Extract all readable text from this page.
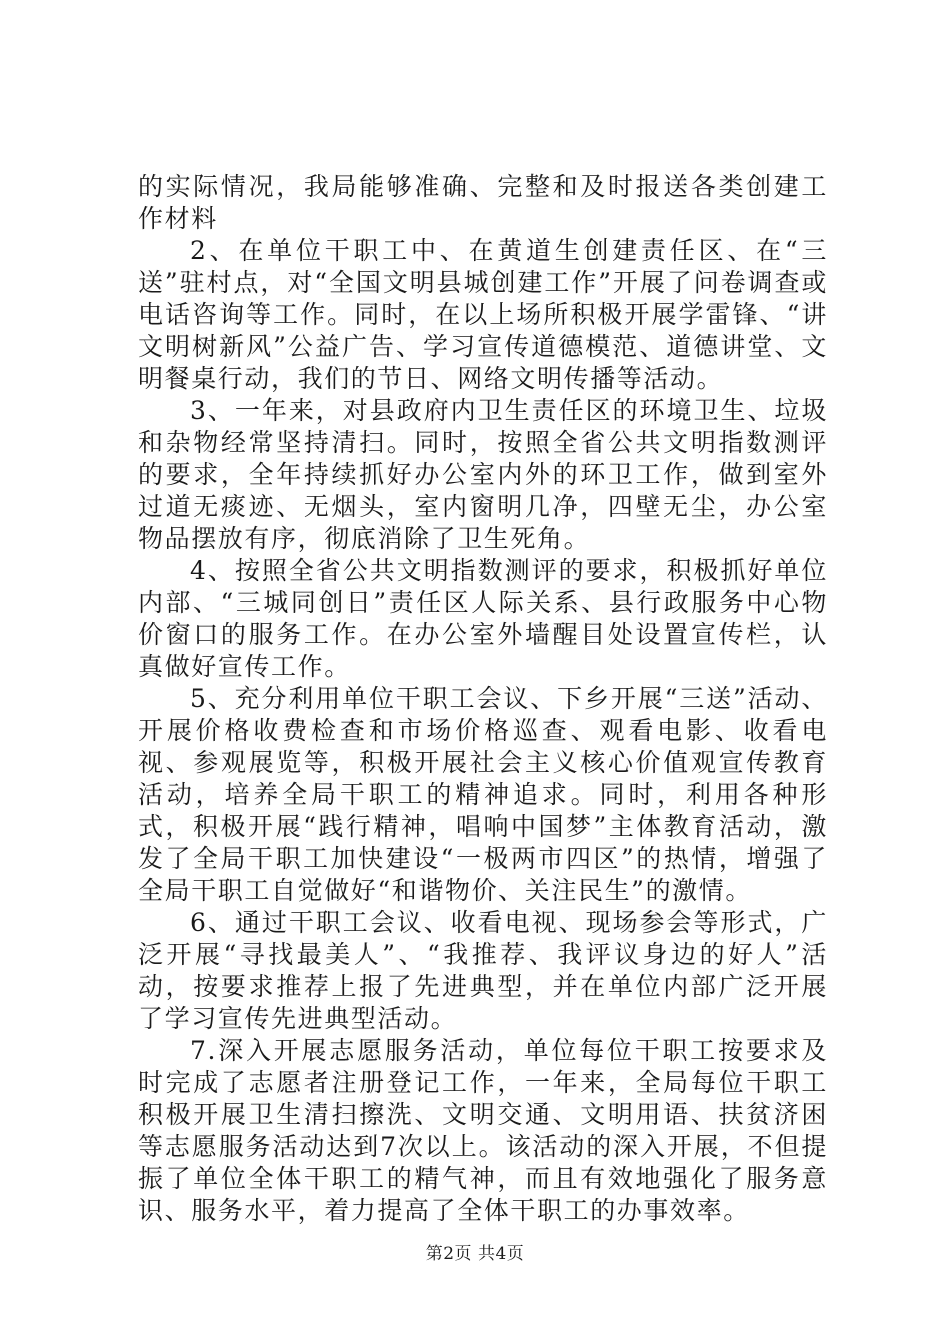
的实际情况，我局能够准确、完整和及时报送各类创建工作材料

2、在单位干职工中、在黄道生创建责任区、在“三送”驻村点，对“全国文明县城创建工作”开展了问卷调查或电话咨询等工作。同时，在以上场所积极开展学雷锋、“讲文明树新风”公益广告、学习宣传道德模范、道德讲堂、文明餐桌行动，我们的节日、网络文明传播等活动。

3、一年来，对县政府内卫生责任区的环境卫生、垃圾和杂物经常坚持清扫。同时，按照全省公共文明指数测评的要求，全年持续抓好办公室内外的环卫工作，做到室外过道无痰迹、无烟头，室内窗明几净，四壁无尘，办公室物品摆放有序，彻底消除了卫生死角。

4、按照全省公共文明指数测评的要求，积极抓好单位内部、“三城同创日”责任区人际关系、县行政服务中心物价窗口的服务工作。在办公室外墙醒目处设置宣传栏，认真做好宣传工作。

5、充分利用单位干职工会议、下乡开展“三送”活动、开展价格收费检查和市场价格巡查、观看电影、收看电视、参观展览等，积极开展社会主义核心价值观宣传教育活动，培养全局干职工的精神追求。同时，利用各种形式，积极开展“践行精神，唱响中国梦”主体教育活动，激发了全局干职工加快建设“一极两市四区”的热情，增强了全局干职工自觉做好“和谐物价、关注民生”的激情。

6、通过干职工会议、收看电视、现场参会等形式，广泛开展“寻找最美人”、“我推荐、我评议身边的好人”活动，按要求推荐上报了先进典型，并在单位内部广泛开展了学习宣传先进典型活动。

7.深入开展志愿服务活动，单位每位干职工按要求及时完成了志愿者注册登记工作，一年来，全局每位干职工积极开展卫生清扫擦洗、文明交通、文明用语、扶贫济困等志愿服务活动达到7次以上。该活动的深入开展，不但提振了单位全体干职工的精气神，而且有效地强化了服务意识、服务水平，着力提高了全体干职工的办事效率。

第2页 共4页
